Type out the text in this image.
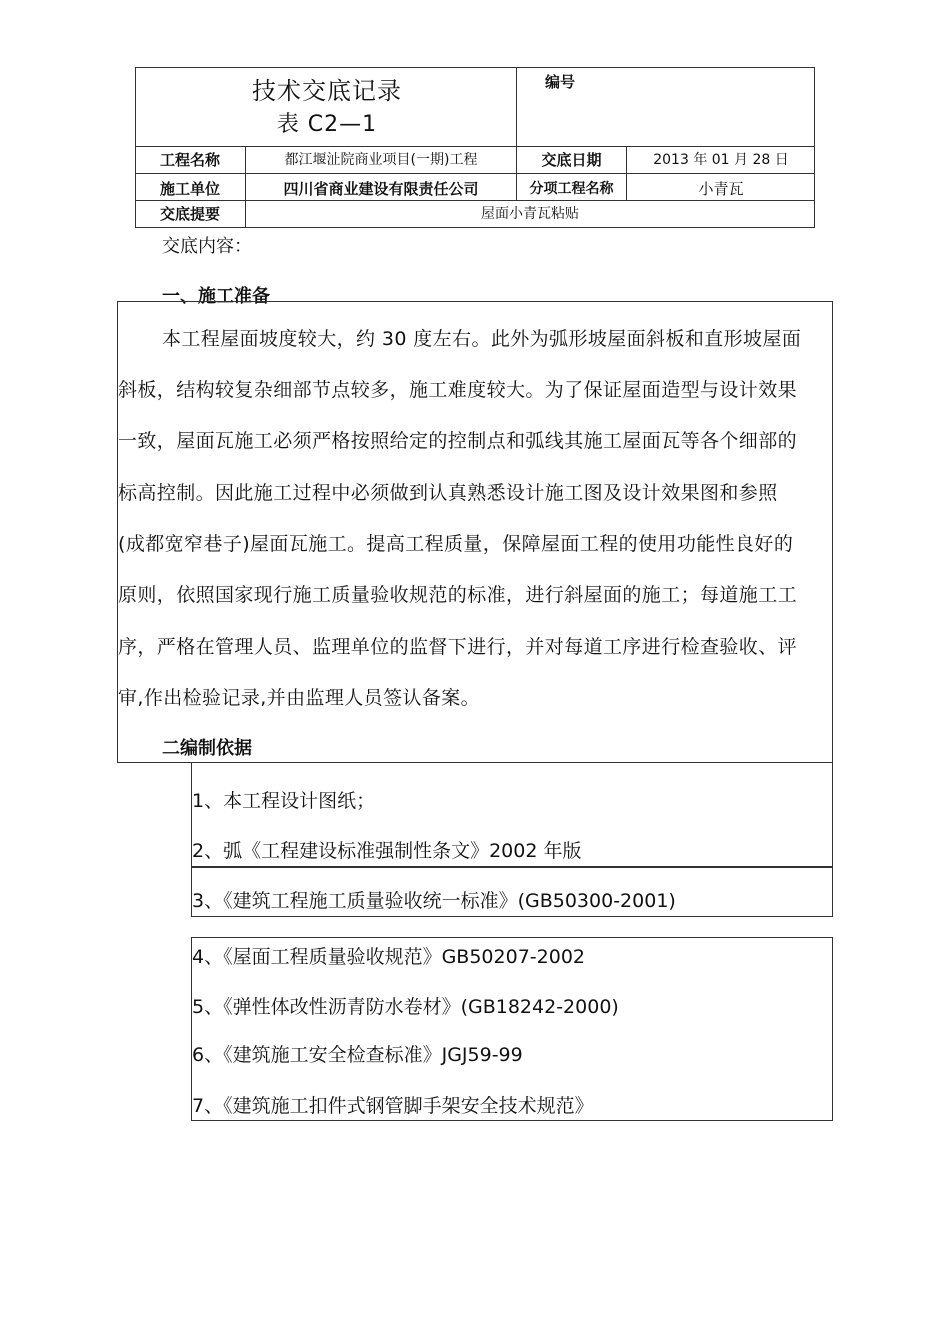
技术交底记录
表 C2—1
编号
工程名称	都江堰沚院商业项目(一期)工程	交底日期	2013 年 01 月 28 日
施工单位	四川省商业建设有限责任公司	分项工程名称	小青瓦
交底提要	屋面小青瓦粘贴
交底内容：
一、施工准备
本工程屋面坡度较大，约 30 度左右。此外为弧形坡屋面斜板和直形坡屋面
斜板，结构较复杂细部节点较多，施工难度较大。为了保证屋面造型与设计效果
一致，屋面瓦施工必须严格按照给定的控制点和弧线其施工屋面瓦等各个细部的
标高控制。因此施工过程中必须做到认真熟悉设计施工图及设计效果图和参照
(成都宽窄巷子)屋面瓦施工。提高工程质量，保障屋面工程的使用功能性良好的
原则，依照国家现行施工质量验收规范的标准，进行斜屋面的施工；每道施工工
序，严格在管理人员、监理单位的监督下进行，并对每道工序进行检查验收、评
审,作出检验记录,并由监理人员签认备案。
二编制依据
1、本工程设计图纸；
2、弧《工程建设标准强制性条文》2002 年版
3、《建筑工程施工质量验收统一标准》(GB50300-2001)
4、《屋面工程质量验收规范》GB50207-2002
5、《弹性体改性沥青防水卷材》(GB18242-2000)
6、《建筑施工安全检查标准》JGJ59-99
7、《建筑施工扣件式钢管脚手架安全技术规范》
